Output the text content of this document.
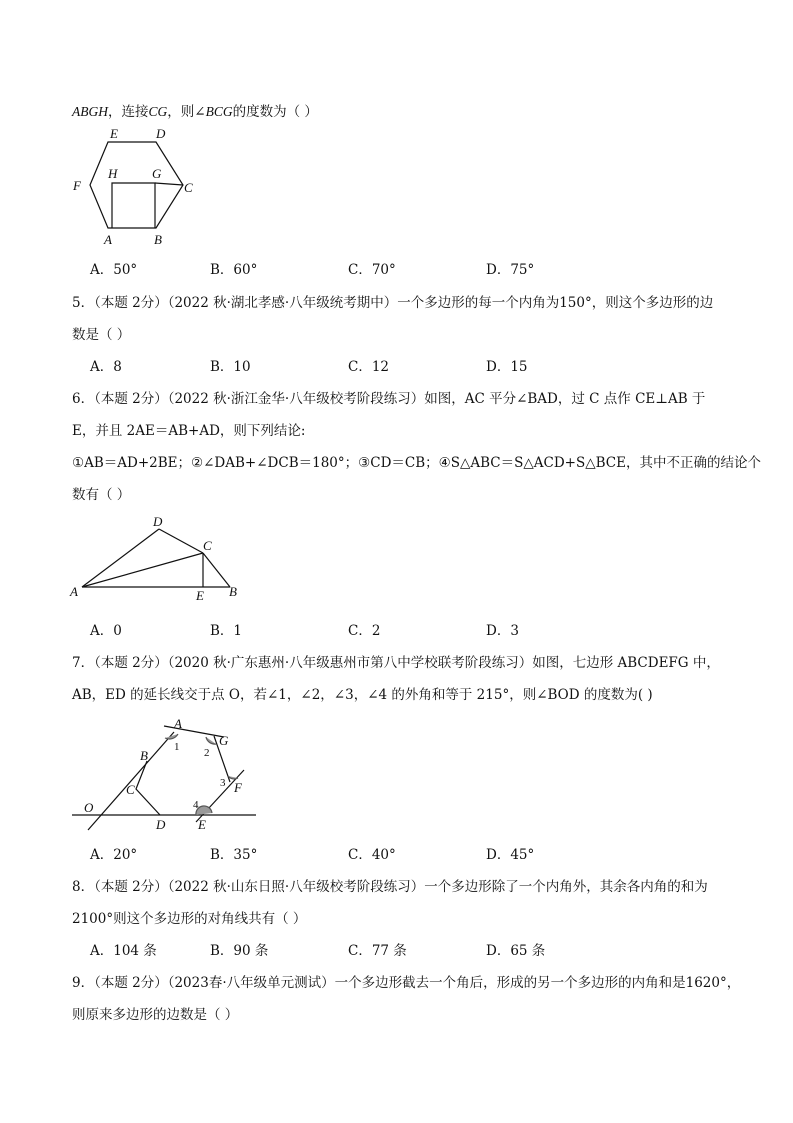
ABGH，连接CG，则∠BCG的度数为（ ）
E	D
F
H	G
C
A	B
A．50°	B．60°	C．70°	D．75°
5．（本题 2分）（2022 秋·湖北孝感·八年级统考期中）一个多边形的每一个内角为150°，则这个多边形的边
数是（ ）
A．8	B．10	C．12	D．15
6．（本题 2分）（2022 秋·浙江金华·八年级校考阶段练习）如图，AC 平分∠BAD，过 C 点作 CE⊥AB 于
E，并且 2AE＝AB+AD，则下列结论:
①AB＝AD+2BE；②∠DAB+∠DCB＝180°；③CD＝CB；④S△ABC＝S△ACD+S△BCE，其中不正确的结论个
数有（ ）
D
C
A	E B
A．0	B．1	C．2	D．3
7．（本题 2分）（2020 秋·广东惠州·八年级惠州市第八中学校联考阶段练习）如图，七边形 ABCDEFG 中，
AB，ED 的延长线交于点 O，若∠1，∠2，∠3，∠4 的外角和等于 215°，则∠BOD 的度数为( )
A
B
C
D	E
F
G
O
1 2
3
4
A．20°	B．35°	C．40°	D．45°
8．（本题 2分）（2022 秋·山东日照·八年级校考阶段练习）一个多边形除了一个内角外，其余各内角的和为
2100°则这个多边形的对角线共有（ ）
A．104 条	B．90 条	C．77 条	D．65 条
9．（本题 2分）（2023春·八年级单元测试）一个多边形截去一个角后，形成的另一个多边形的内角和是1620°，
则原来多边形的边数是（ ）
